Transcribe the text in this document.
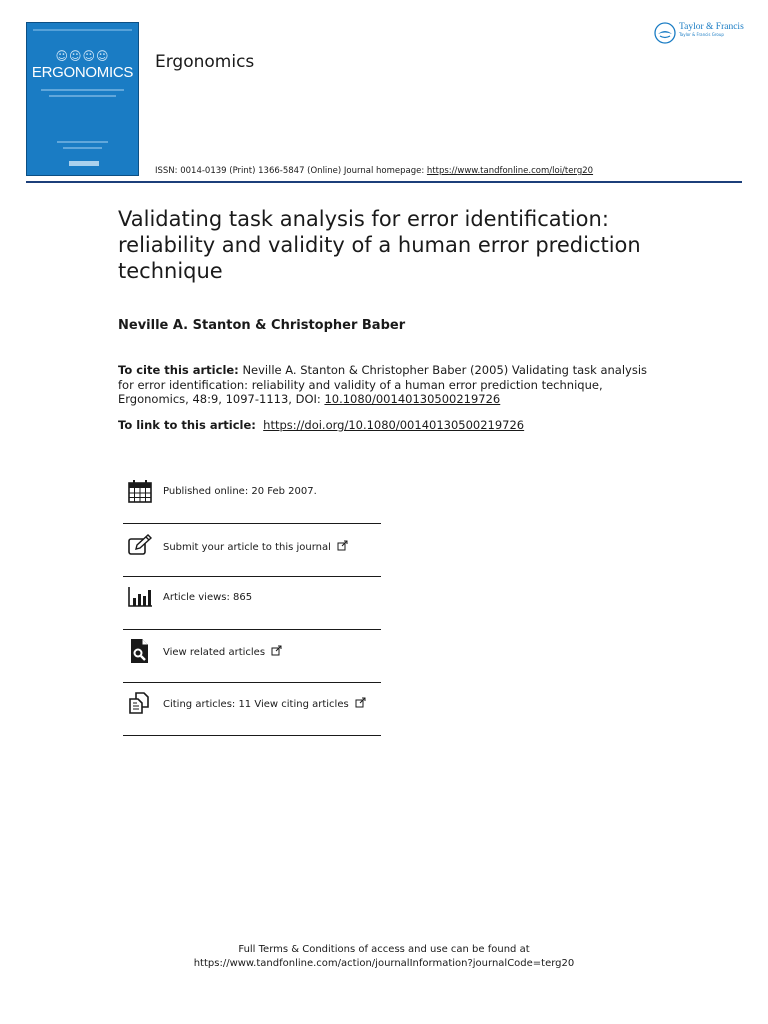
☺☺☺☺
ERGONOMICS
Ergonomics
Taylor & Francis
Taylor & Francis Group
ISSN: 0014-0139 (Print) 1366-5847 (Online) Journal homepage: https://www.tandfonline.com/loi/terg20
Validating task analysis for error identification: reliability and validity of a human error prediction technique
Neville A. Stanton & Christopher Baber
To cite this article: Neville A. Stanton & Christopher Baber (2005) Validating task analysis for error identification: reliability and validity of a human error prediction technique, Ergonomics, 48:9, 1097-1113, DOI: 10.1080/00140130500219726
To link to this article: https://doi.org/10.1080/00140130500219726
Published online: 20 Feb 2007.
Submit your article to this journal
Article views: 865
View related articles
Citing articles: 11 View citing articles
Full Terms & Conditions of access and use can be found at
https://www.tandfonline.com/action/journalInformation?journalCode=terg20
